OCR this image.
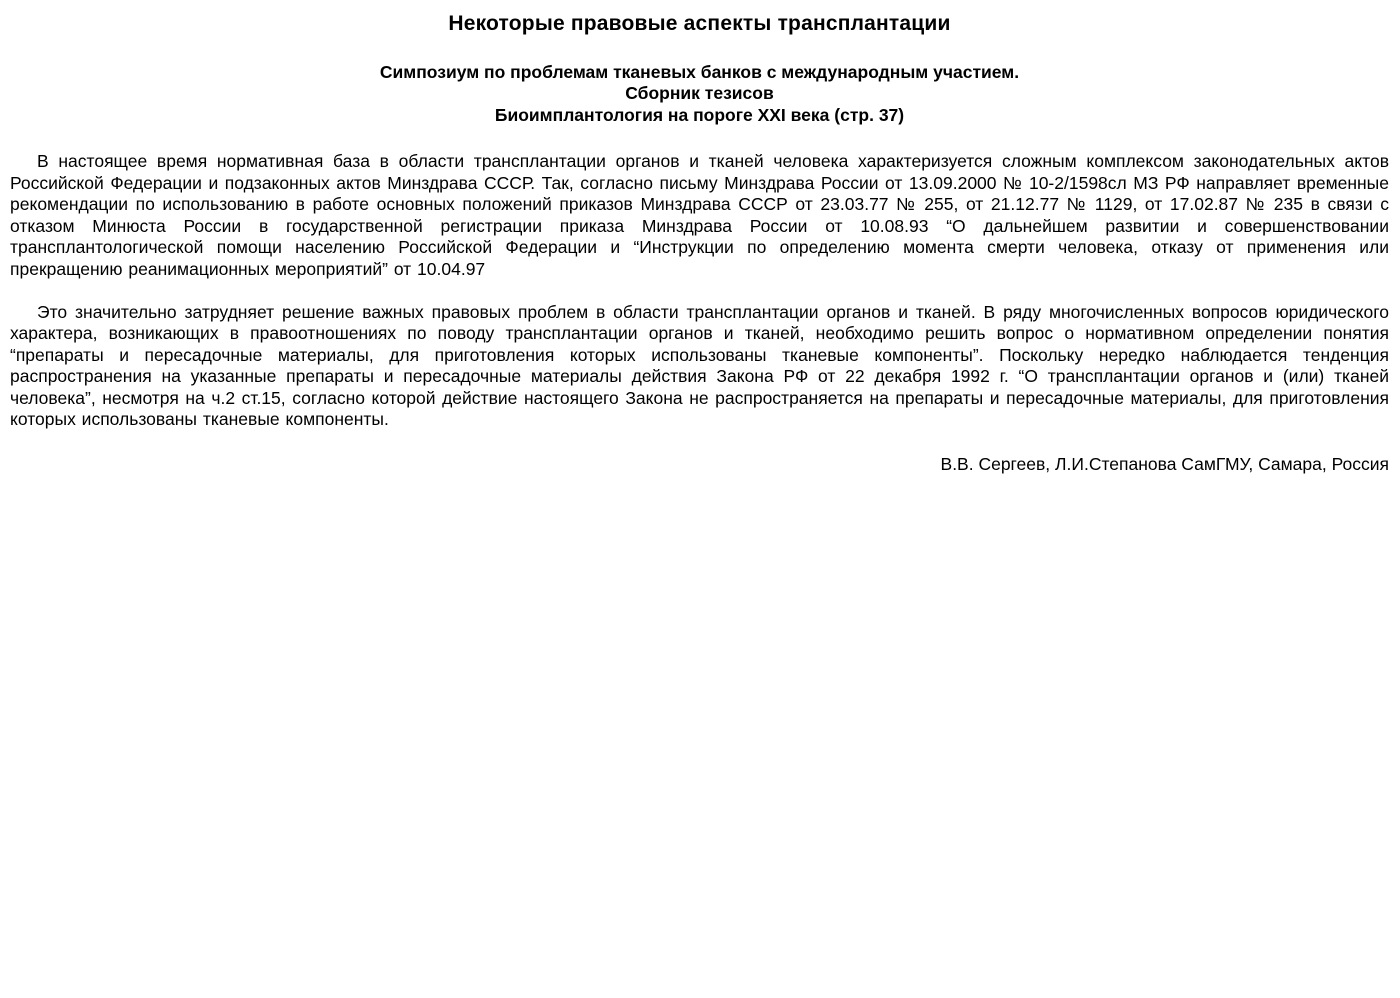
Некоторые правовые аспекты трансплантации
Симпозиум по проблемам тканевых банков с международным участием.
Сборник тезисов
Биоимплантология на пороге XXI века (стр. 37)

В настоящее время нормативная база в области трансплантации органов и тканей человека характеризуется сложным комплексом законодательных актов Российской Федерации и подзаконных актов Минздрава СССР. Так, согласно письму Минздрава России от 13.09.2000 № 10-2/1598сл МЗ РФ направляет временные рекомендации по использованию в работе основных положений приказов Минздрава СССР от 23.03.77 № 255, от 21.12.77 № 1129, от 17.02.87 № 235 в связи с отказом Минюста России в государственной регистрации приказа Минздрава России от 10.08.93 “О дальнейшем развитии и совершенствовании трансплантологической помощи населению Российской Федерации и “Инструкции по определению момента смерти человека, отказу от применения или прекращению реанимационных мероприятий” от 10.04.97

Это значительно затрудняет решение важных правовых проблем в области трансплантации органов и тканей. В ряду многочисленных вопросов юридического характера, возникающих в правоотношениях по поводу трансплантации органов и тканей, необходимо решить вопрос о нормативном определении понятия “препараты и пересадочные материалы, для приготовления которых использованы тканевые компоненты”. Поскольку нередко наблюдается тенденция распространения на указанные препараты и пересадочные материалы действия Закона РФ от 22 декабря 1992 г. “О трансплантации органов и (или) тканей человека”, несмотря на ч.2 ст.15, согласно которой действие настоящего Закона не распространяется на препараты и пересадочные материалы, для приготовления которых использованы тканевые компоненты.

В.В. Сергеев, Л.И.Степанова СамГМУ, Самара, Россия
